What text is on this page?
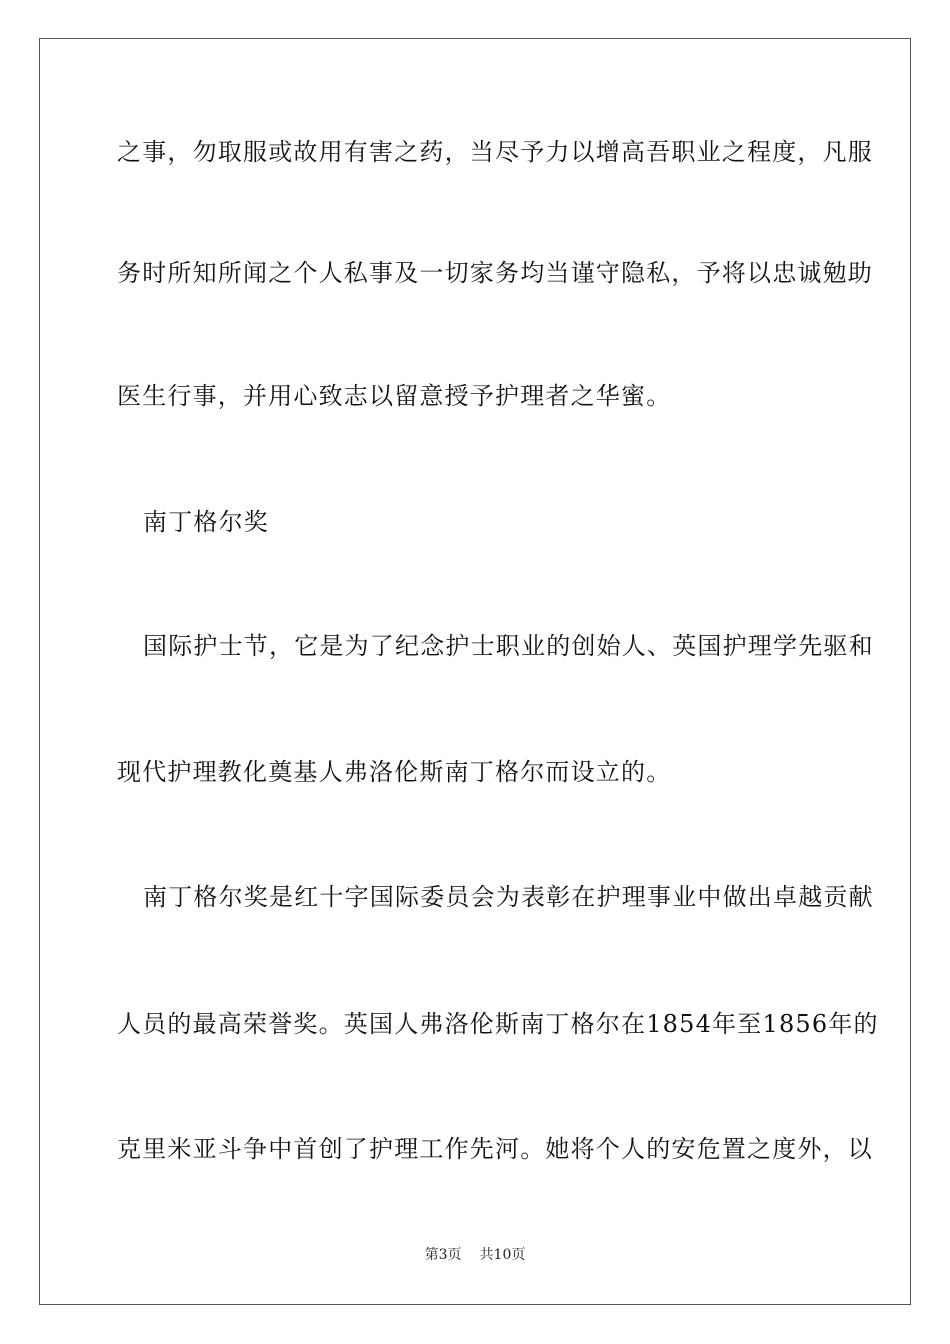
之事，勿取服或故用有害之药，当尽予力以增高吾职业之程度，凡服
务时所知所闻之个人私事及一切家务均当谨守隐私，予将以忠诚勉助
医生行事，并用心致志以留意授予护理者之华蜜。
南丁格尔奖
国际护士节，它是为了纪念护士职业的创始人、英国护理学先驱和
现代护理教化奠基人弗洛伦斯南丁格尔而设立的。
南丁格尔奖是红十字国际委员会为表彰在护理事业中做出卓越贡献
人员的最高荣誉奖。英国人弗洛伦斯南丁格尔在1854年至1856年的
克里米亚斗争中首创了护理工作先河。她将个人的安危置之度外，以
第3页 共10页
